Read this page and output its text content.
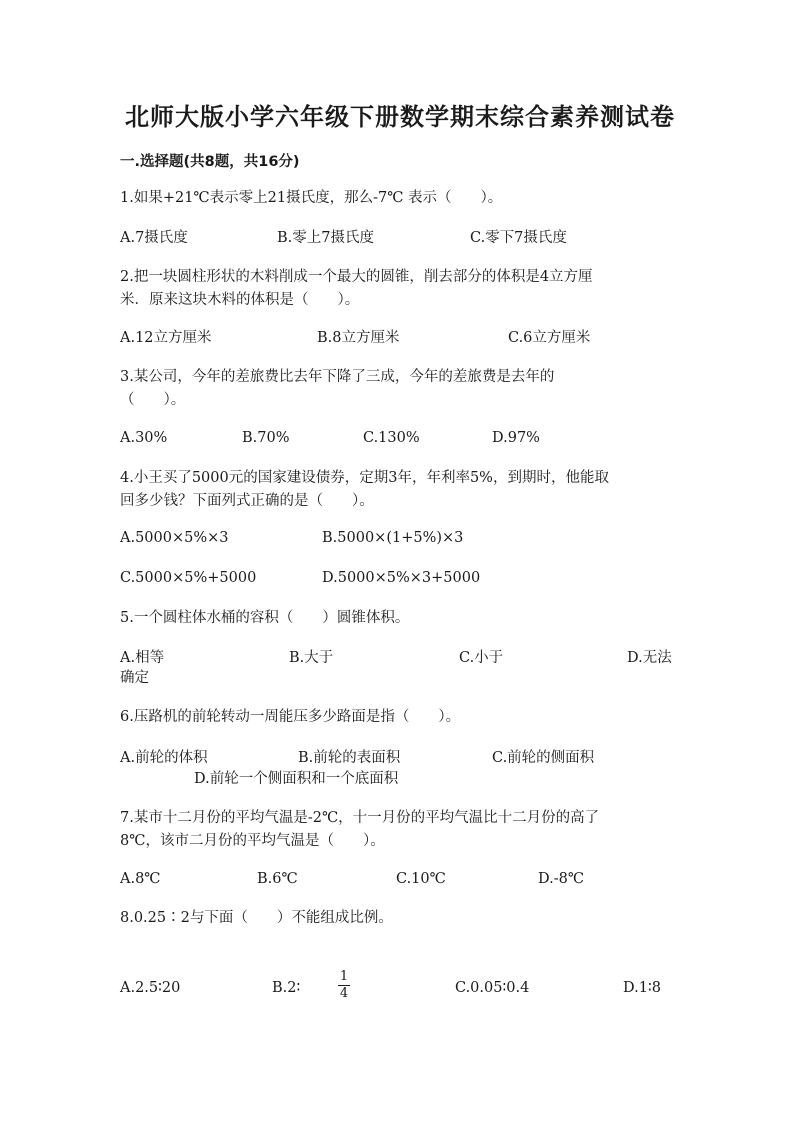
北师大版小学六年级下册数学期末综合素养测试卷
一.选择题(共8题，共16分)
1.如果+21℃表示零上21摄氏度，那么-7℃ 表示（　　）。
A.7摄氏度	B.零上7摄氏度	C.零下7摄氏度
2.把一块圆柱形状的木料削成一个最大的圆锥，削去部分的体积是4立方厘
米．原来这块木料的体积是（　　）。
A.12立方厘米	B.8立方厘米	C.6立方厘米
3.某公司，今年的差旅费比去年下降了三成，今年的差旅费是去年的
（　　）。
A.30%	B.70%	C.130%	D.97%
4.小王买了5000元的国家建设债券，定期3年，年利率5%，到期时，他能取
回多少钱？下面列式正确的是（　　）。
A.5000×5%×3	B.5000×(1+5%)×3
C.5000×5%+5000	D.5000×5%×3+5000
5.一个圆柱体水桶的容积（　　）圆锥体积。
A.相等	B.大于	C.小于	D.无法
确定
6.压路机的前轮转动一周能压多少路面是指（　　）。
A.前轮的体积	B.前轮的表面积	C.前轮的侧面积
D.前轮一个侧面积和一个底面积
7.某市十二月份的平均气温是-2℃，十一月份的平均气温比十二月份的高了
8℃，该市二月份的平均气温是（　　）。
A.8℃	B.6℃	C.10℃	D.-8℃
8.0.25∶2与下面（　　）不能组成比例。
A.2.5∶20	B.2∶
1
4	C.0.05∶0.4	D.1∶8
